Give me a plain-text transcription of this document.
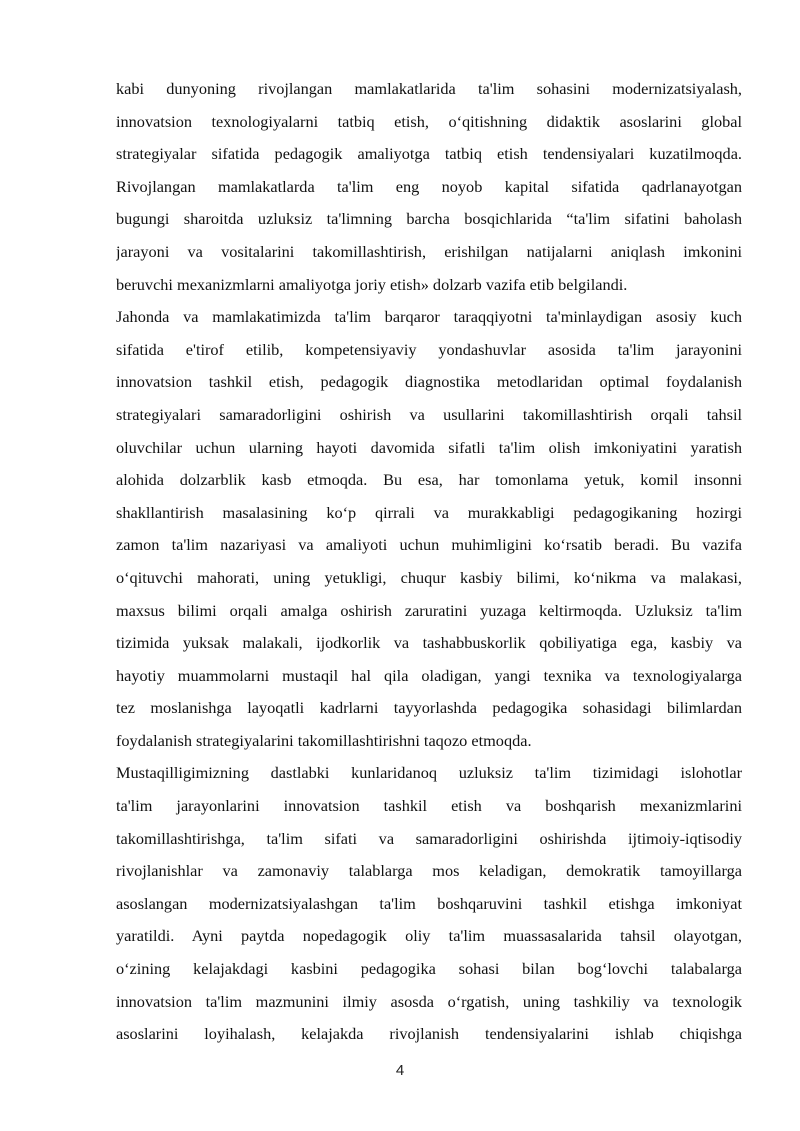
kabi dunyoning rivojlangan mamlakatlarida ta'lim sohasini modernizatsiyalash,
innovatsion texnologiyalarni tatbiq etish, o‘qitishning didaktik asoslarini global
strategiyalar sifatida pedagogik amaliyotga tatbiq etish tendensiyalari kuzatilmoqda.
Rivojlangan mamlakatlarda ta'lim eng noyob kapital sifatida qadrlanayotgan
bugungi sharoitda uzluksiz ta'limning barcha bosqichlarida “ta'lim sifatini baholash
jarayoni va vositalarini takomillashtirish, erishilgan natijalarni aniqlash imkonini
beruvchi mexanizmlarni amaliyotga joriy etish» dolzarb vazifa etib belgilandi.
Jahonda va mamlakatimizda ta'lim barqaror taraqqiyotni ta'minlaydigan asosiy kuch
sifatida e'tirof etilib, kompetensiyaviy yondashuvlar asosida ta'lim jarayonini
innovatsion tashkil etish, pedagogik diagnostika metodlaridan optimal foydalanish
strategiyalari samaradorligini oshirish va usullarini takomillashtirish orqali tahsil
oluvchilar uchun ularning hayoti davomida sifatli ta'lim olish imkoniyatini yaratish
alohida dolzarblik kasb etmoqda. Bu esa, har tomonlama yetuk, komil insonni
shakllantirish masalasining ko‘p qirrali va murakkabligi pedagogikaning hozirgi
zamon ta'lim nazariyasi va amaliyoti uchun muhimligini ko‘rsatib beradi. Bu vazifa
o‘qituvchi mahorati, uning yetukligi, chuqur kasbiy bilimi, ko‘nikma va malakasi,
maxsus bilimi orqali amalga oshirish zaruratini yuzaga keltirmoqda. Uzluksiz ta'lim
tizimida yuksak malakali, ijodkorlik va tashabbuskorlik qobiliyatiga ega, kasbiy va
hayotiy muammolarni mustaqil hal qila oladigan, yangi texnika va texnologiyalarga
tez moslanishga layoqatli kadrlarni tayyorlashda pedagogika sohasidagi bilimlardan
foydalanish strategiyalarini takomillashtirishni taqozo etmoqda.
Mustaqilligimizning dastlabki kunlaridanoq uzluksiz ta'lim tizimidagi islohotlar
ta'lim jarayonlarini innovatsion tashkil etish va boshqarish mexanizmlarini
takomillashtirishga, ta'lim sifati va samaradorligini oshirishda ijtimoiy-iqtisodiy
rivojlanishlar va zamonaviy talablarga mos keladigan, demokratik tamoyillarga
asoslangan modernizatsiyalashgan ta'lim boshqaruvini tashkil etishga imkoniyat
yaratildi. Ayni paytda nopedagogik oliy ta'lim muassasalarida tahsil olayotgan,
o‘zining kelajakdagi kasbini pedagogika sohasi bilan bog‘lovchi talabalarga
innovatsion ta'lim mazmunini ilmiy asosda o‘rgatish, uning tashkiliy va texnologik
asoslarini loyihalash, kelajakda rivojlanish tendensiyalarini ishlab chiqishga
4
